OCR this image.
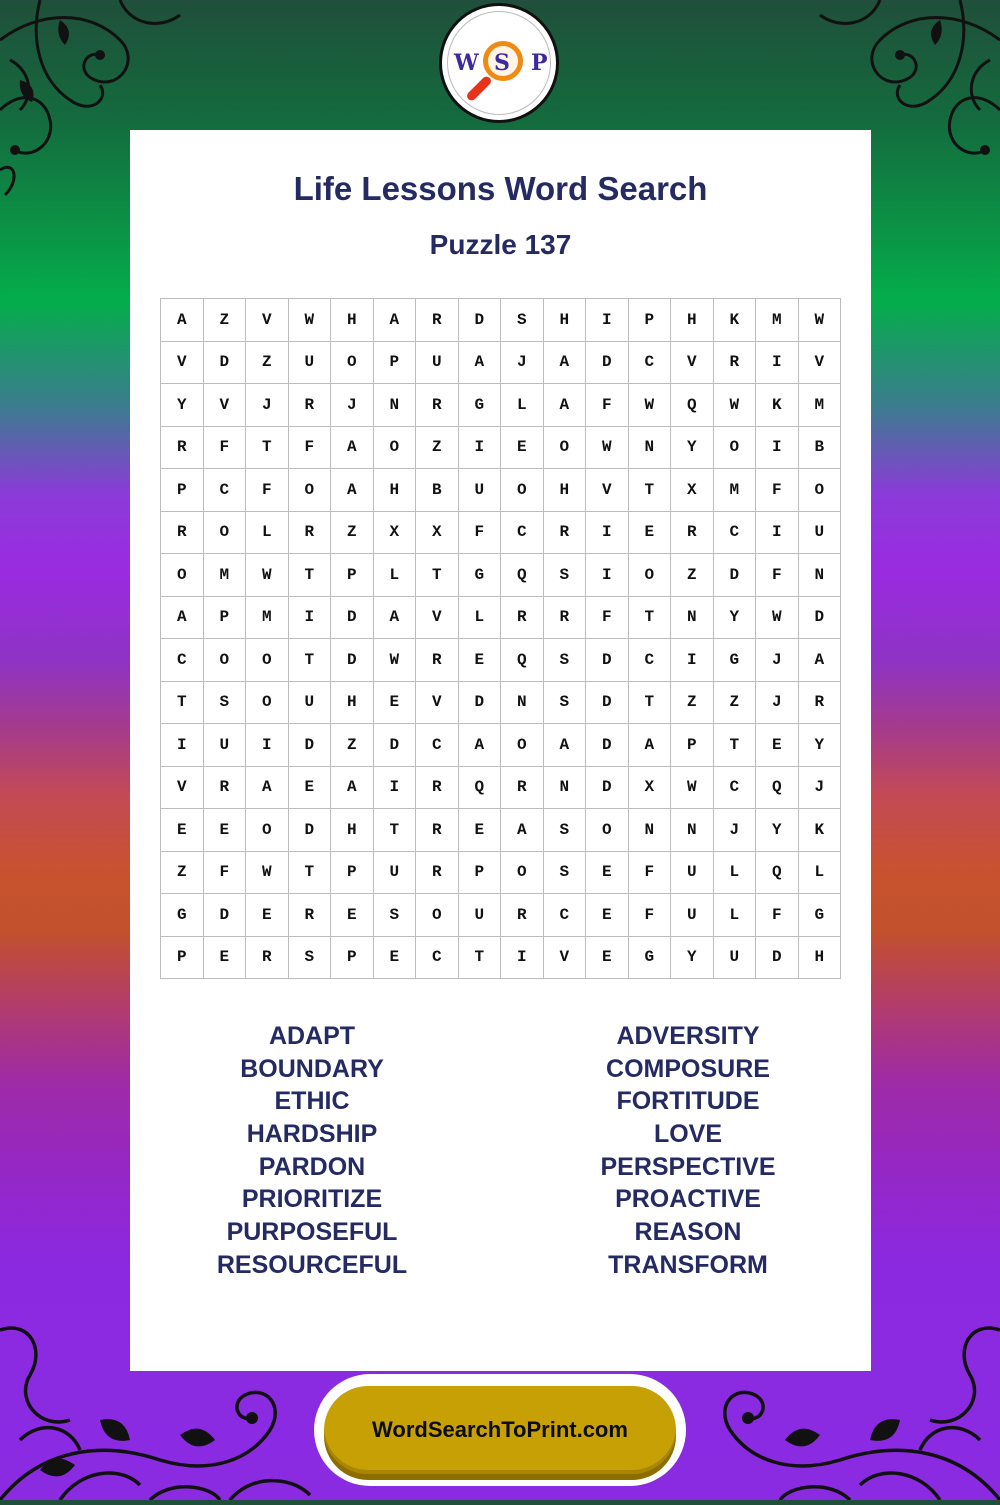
Life Lessons Word Search
Puzzle 137
A	Z	V	W	H	A	R	D	S	H	I	P	H	K	M	W
V	D	Z	U	O	P	U	A	J	A	D	C	V	R	I	V
Y	V	J	R	J	N	R	G	L	A	F	W	Q	W	K	M
R	F	T	F	A	O	Z	I	E	O	W	N	Y	O	I	B
P	C	F	O	A	H	B	U	O	H	V	T	X	M	F	O
R	O	L	R	Z	X	X	F	C	R	I	E	R	C	I	U
O	M	W	T	P	L	T	G	Q	S	I	O	Z	D	F	N
A	P	M	I	D	A	V	L	R	R	F	T	N	Y	W	D
C	O	O	T	D	W	R	E	Q	S	D	C	I	G	J	A
T	S	O	U	H	E	V	D	N	S	D	T	Z	Z	J	R
I	U	I	D	Z	D	C	A	O	A	D	A	P	T	E	Y
V	R	A	E	A	I	R	Q	R	N	D	X	W	C	Q	J
E	E	O	D	H	T	R	E	A	S	O	N	N	J	Y	K
Z	F	W	T	P	U	R	P	O	S	E	F	U	L	Q	L
G	D	E	R	E	S	O	U	R	C	E	F	U	L	F	G
P	E	R	S	P	E	C	T	I	V	E	G	Y	U	D	H
ADAPT
BOUNDARY
ETHIC
HARDSHIP
PARDON
PRIORITIZE
PURPOSEFUL
RESOURCEFUL
ADVERSITY
COMPOSURE
FORTITUDE
LOVE
PERSPECTIVE
PROACTIVE
REASON
TRANSFORM
W S P
WordSearchToPrint.com
